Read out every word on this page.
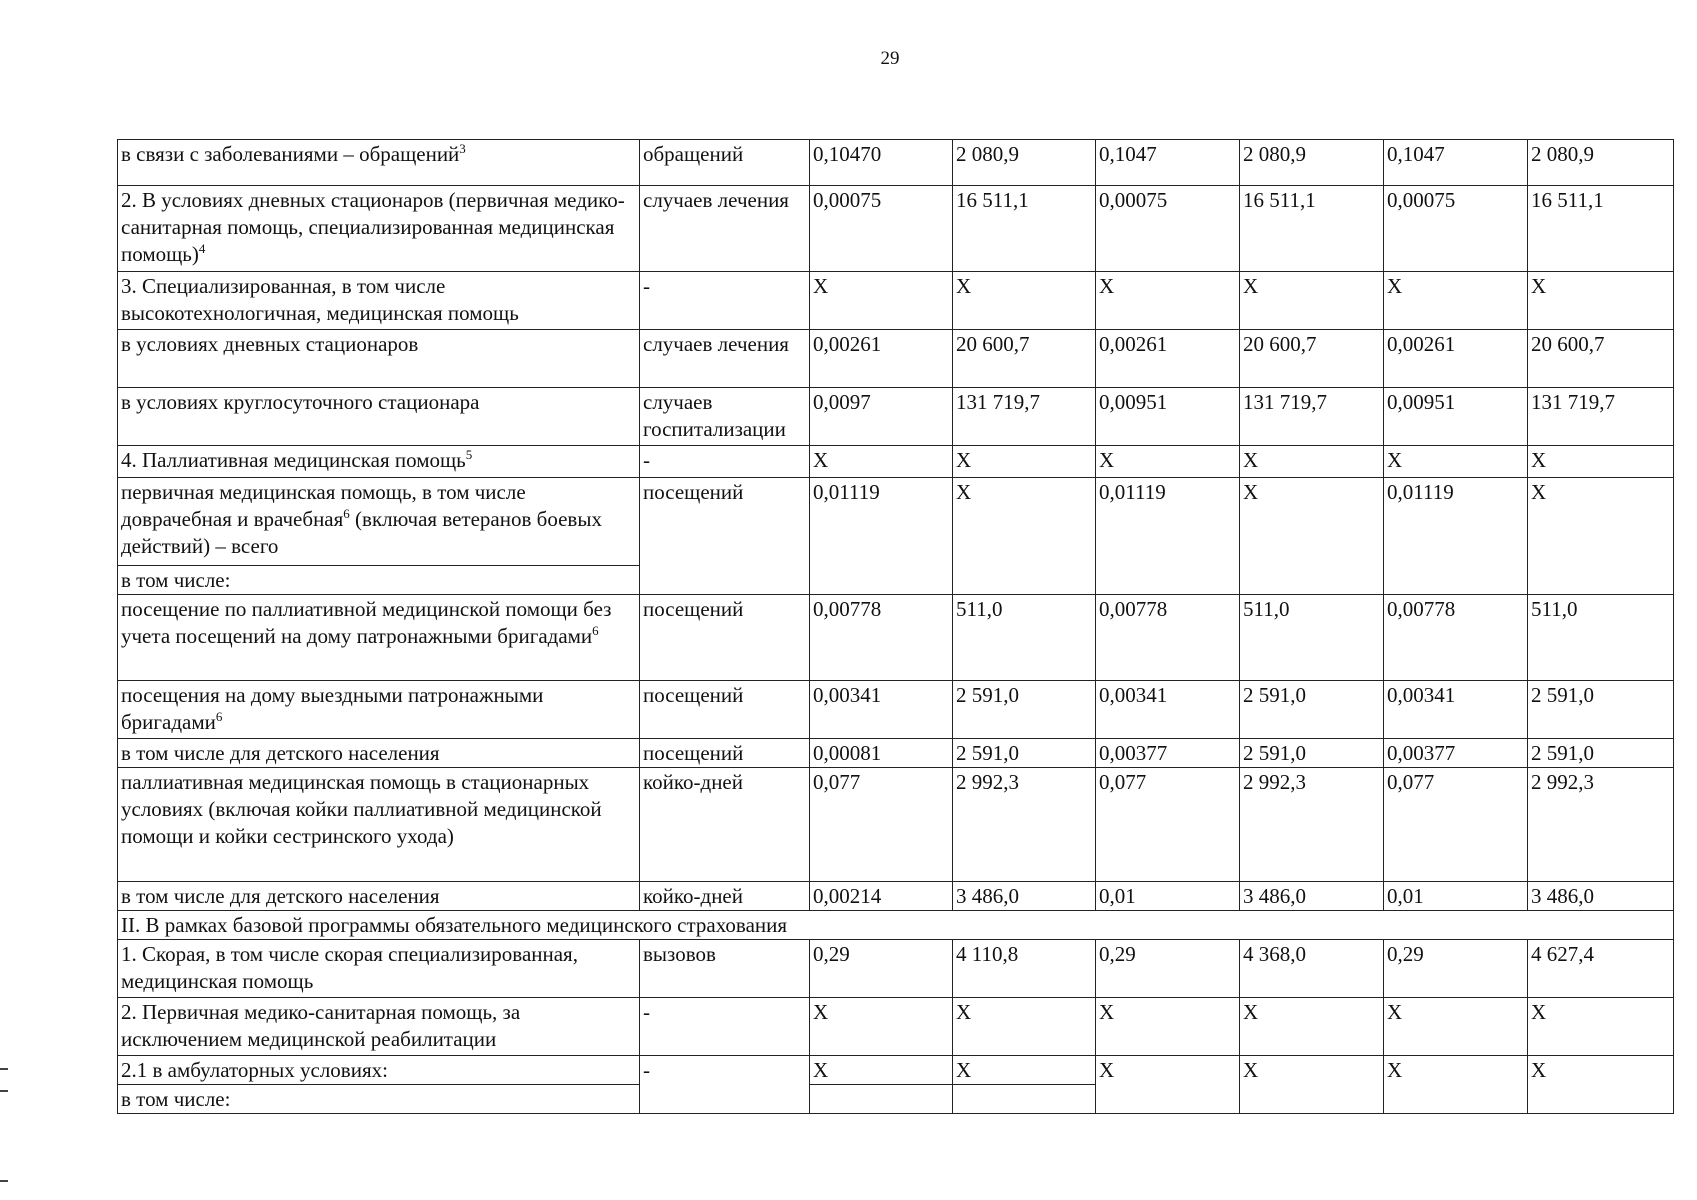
29
в связи с заболеваниями – обращений$^3$	обращений	0,10470	2 080,9	0,1047	2 080,9	0,1047	2 080,9
2. В условиях дневных стационаров (первичная медико-санитарная помощь, специализированная медицинская помощь)$^4$	случаев лечения	0,00075	16 511,1	0,00075	16 511,1	0,00075	16 511,1
3. Специализированная, в том числе высокотехнологичная, медицинская помощь	-	X	X	X	X	X	X
в условиях дневных стационаров	случаев лечения	0,00261	20 600,7	0,00261	20 600,7	0,00261	20 600,7
в условиях круглосуточного стационара	случаев госпитализации	0,0097	131 719,7	0,00951	131 719,7	0,00951	131 719,7
4. Паллиативная медицинская помощь$^5$	-	X	X	X	X	X	X
первичная медицинская помощь, в том числе доврачебная и врачебная$^6$ (включая ветеранов боевых действий) – всего	посещений	0,01119	X	0,01119	X	0,01119	X
в том числе:							
посещение по паллиативной медицинской помощи без учета посещений на дому патронажными бригадами$^6$	посещений	0,00778	511,0	0,00778	511,0	0,00778	511,0
посещения на дому выездными патронажными бригадами$^6$	посещений	0,00341	2 591,0	0,00341	2 591,0	0,00341	2 591,0
в том числе для детского населения	посещений	0,00081	2 591,0	0,00377	2 591,0	0,00377	2 591,0
паллиативная медицинская помощь в стационарных условиях (включая койки паллиативной медицинской помощи и койки сестринского ухода)	койко-дней	0,077	2 992,3	0,077	2 992,3	0,077	2 992,3
в том числе для детского населения	койко-дней	0,00214	3 486,0	0,01	3 486,0	0,01	3 486,0
II. В рамках базовой программы обязательного медицинского страхования							
1. Скорая, в том числе скорая специализированная, медицинская помощь	вызовов	0,29	4 110,8	0,29	4 368,0	0,29	4 627,4
2. Первичная медико-санитарная помощь, за исключением медицинской реабилитации	-	X	X	X	X	X	X
2.1 в амбулаторных условиях:	-	X	X	X	X	X	X
в том числе:							
